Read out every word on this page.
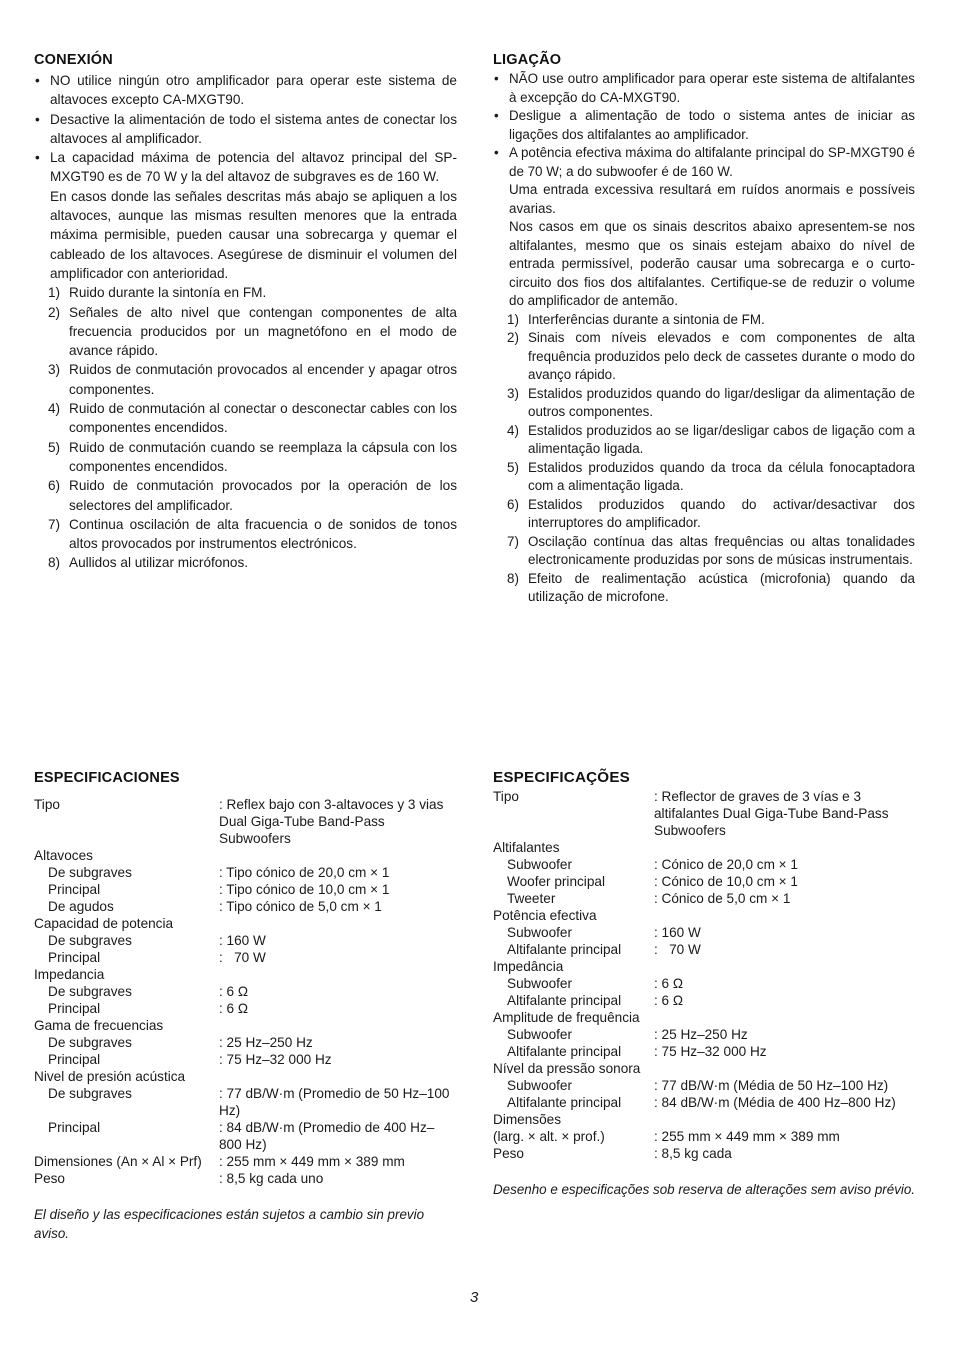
CONEXIÓN
• NO utilice ningún otro amplificador para operar este sistema de altavoces excepto CA-MXGT90.
• Desactive la alimentación de todo el sistema antes de conectar los altavoces al amplificador.
• La capacidad máxima de potencia del altavoz principal del SP-MXGT90 es de 70 W y la del altavoz de subgraves es de 160 W.
En casos donde las señales descritas más abajo se apliquen a los altavoces, aunque las mismas resulten menores que la entrada máxima permisible, pueden causar una sobrecarga y quemar el cableado de los altavoces. Asegúrese de disminuir el volumen del amplificador con anterioridad.
1) Ruido durante la sintonía en FM.
2) Señales de alto nivel que contengan componentes de alta frecuencia producidos por un magnetófono en el modo de avance rápido.
3) Ruidos de conmutación provocados al encender y apagar otros componentes.
4) Ruido de conmutación al conectar o desconectar cables con los componentes encendidos.
5) Ruido de conmutación cuando se reemplaza la cápsula con los componentes encendidos.
6) Ruido de conmutación provocados por la operación de los selectores del amplificador.
7) Continua oscilación de alta fracuencia o de sonidos de tonos altos provocados por instrumentos electrónicos.
8) Aullidos al utilizar micrófonos.
LIGAÇÃO
• NÃO use outro amplificador para operar este sistema de altifalantes à excepção do CA-MXGT90.
• Desligue a alimentação de todo o sistema antes de iniciar as ligações dos altifalantes ao amplificador.
• A potência efectiva máxima do altifalante principal do SP-MXGT90 é de 70 W; a do subwoofer é de 160 W.
Uma entrada excessiva resultará em ruídos anormais e possíveis avarias.
Nos casos em que os sinais descritos abaixo apresentem-se nos altifalantes, mesmo que os sinais estejam abaixo do nível de entrada permissível, poderão causar uma sobrecarga e o curto-circuito dos fios dos altifalantes. Certifique-se de reduzir o volume do amplificador de antemão.
1) Interferências durante a sintonia de FM.
2) Sinais com níveis elevados e com componentes de alta frequência produzidos pelo deck de cassetes durante o modo do avanço rápido.
3) Estalidos produzidos quando do ligar/desligar da alimentação de outros componentes.
4) Estalidos produzidos ao se ligar/desligar cabos de ligação com a alimentação ligada.
5) Estalidos produzidos quando da troca da célula fonocaptadora com a alimentação ligada.
6) Estalidos produzidos quando do activar/desactivar dos interruptores do amplificador.
7) Oscilação contínua das altas frequências ou altas tonalidades electronicamente produzidas por sons de músicas instrumentais.
8) Efeito de realimentação acústica (microfonia) quando da utilização de microfone.
ESPECIFICACIONES
Tipo	: Reflex bajo con 3-altavoces y 3 vias Dual Giga-Tube Band-Pass Subwoofers
Altavoces
De subgraves	: Tipo cónico de 20,0 cm × 1
Principal	: Tipo cónico de 10,0 cm × 1
De agudos	: Tipo cónico de 5,0 cm × 1
Capacidad de potencia
De subgraves	: 160 W
Principal	:   70 W
Impedancia
De subgraves	: 6 Ω
Principal	: 6 Ω
Gama de frecuencias
De subgraves	: 25 Hz–250 Hz
Principal	: 75 Hz–32 000 Hz
Nivel de presión acústica
De subgraves	: 77 dB/W·m (Promedio de 50 Hz–100 Hz)
Principal	: 84 dB/W·m (Promedio de 400 Hz–800 Hz)
Dimensiones (An × Al × Prf) : 255 mm × 449 mm × 389 mm
Peso	: 8,5 kg cada uno

El diseño y las especificaciones están sujetos a cambio sin previo aviso.

ESPECIFICAÇÕES
Tipo	: Reflector de graves de 3 vías e 3 altifalantes Dual Giga-Tube Band-Pass Subwoofers
Altifalantes
Subwoofer	: Cónico de 20,0 cm × 1
Woofer principal	: Cónico de 10,0 cm × 1
Tweeter	: Cónico de 5,0 cm × 1
Potência efectiva
Subwoofer	: 160 W
Altifalante principal :   70 W
Impedância
Subwoofer	: 6 Ω
Altifalante principal : 6 Ω
Amplitude de frequência
Subwoofer	: 25 Hz–250 Hz
Altifalante principal : 75 Hz–32 000 Hz
Nível da pressão sonora
Subwoofer	: 77 dB/W·m (Média de 50 Hz–100 Hz)
Altifalante principal : 84 dB/W·m (Média de 400 Hz–800 Hz)
Dimensões
(larg. × alt. × prof.)	: 255 mm × 449 mm × 389 mm
Peso	: 8,5 kg cada

Desenho e especificações sob reserva de alterações sem aviso prévio.

3
